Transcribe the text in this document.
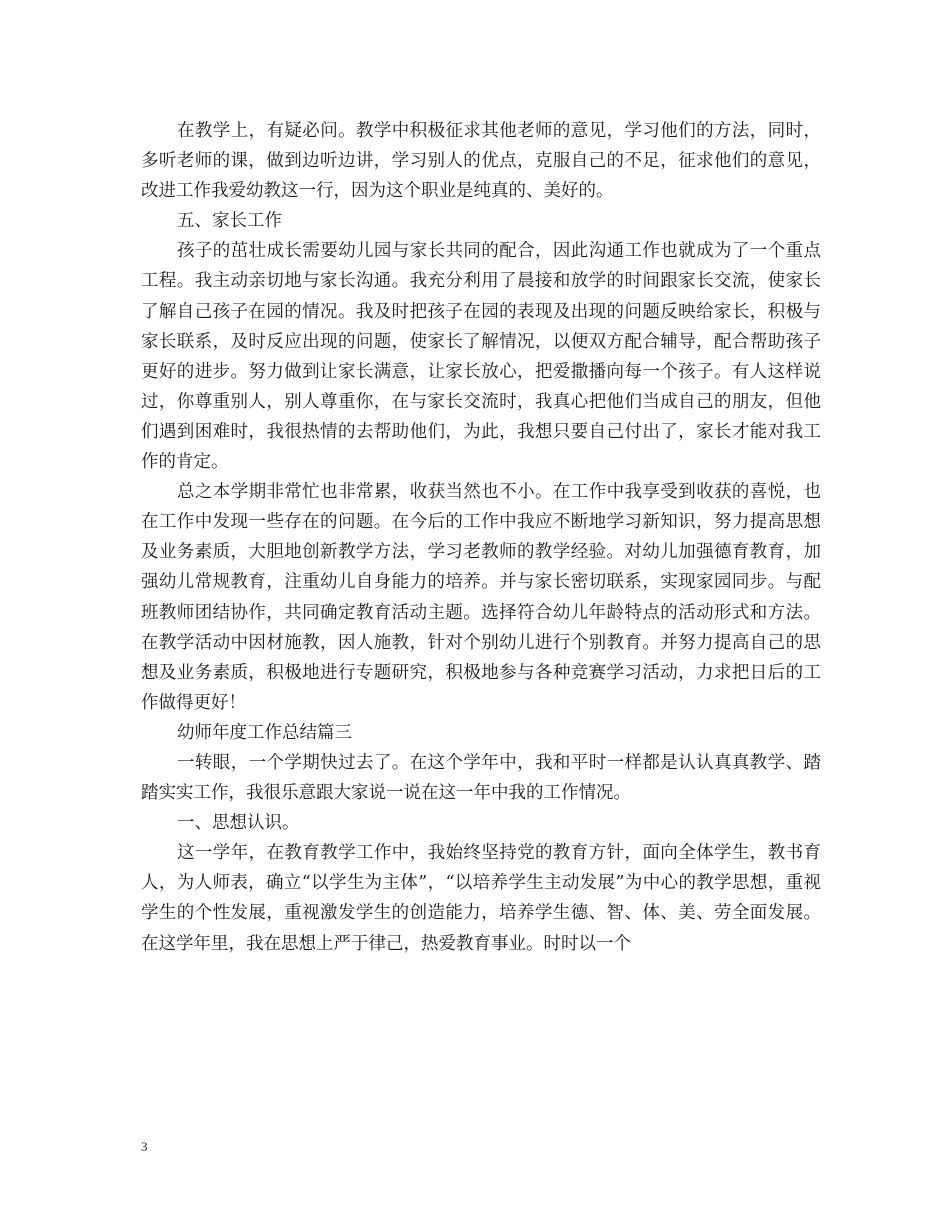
在教学上，有疑必问。教学中积极征求其他老师的意见，学习他们的方法，同时，多听老师的课，做到边听边讲，学习别人的优点，克服自己的不足，征求他们的意见，改进工作我爱幼教这一行，因为这个职业是纯真的、美好的。

五、家长工作

孩子的茁壮成长需要幼儿园与家长共同的配合，因此沟通工作也就成为了一个重点工程。我主动亲切地与家长沟通。我充分利用了晨接和放学的时间跟家长交流，使家长了解自己孩子在园的情况。我及时把孩子在园的表现及出现的问题反映给家长，积极与家长联系，及时反应出现的问题，使家长了解情况，以便双方配合辅导，配合帮助孩子更好的进步。努力做到让家长满意，让家长放心，把爱撒播向每一个孩子。有人这样说过，你尊重别人，别人尊重你，在与家长交流时，我真心把他们当成自己的朋友，但他们遇到困难时，我很热情的去帮助他们，为此，我想只要自己付出了，家长才能对我工作的肯定。

总之本学期非常忙也非常累，收获当然也不小。在工作中我享受到收获的喜悦，也在工作中发现一些存在的问题。在今后的工作中我应不断地学习新知识，努力提高思想及业务素质，大胆地创新教学方法，学习老教师的教学经验。对幼儿加强德育教育，加强幼儿常规教育，注重幼儿自身能力的培养。并与家长密切联系，实现家园同步。与配班教师团结协作，共同确定教育活动主题。选择符合幼儿年龄特点的活动形式和方法。在教学活动中因材施教，因人施教，针对个别幼儿进行个别教育。并努力提高自己的思想及业务素质，积极地进行专题研究，积极地参与各种竞赛学习活动，力求把日后的工作做得更好！

幼师年度工作总结篇三

一转眼，一个学期快过去了。在这个学年中，我和平时一样都是认认真真教学、踏踏实实工作，我很乐意跟大家说一说在这一年中我的工作情况。

一、思想认识。

这一学年，在教育教学工作中，我始终坚持党的教育方针，面向全体学生，教书育人，为人师表，确立“以学生为主体”，“以培养学生主动发展”为中心的教学思想，重视学生的个性发展，重视激发学生的创造能力，培养学生德、智、体、美、劳全面发展。在这学年里，我在思想上严于律己，热爱教育事业。时时以一个

3
